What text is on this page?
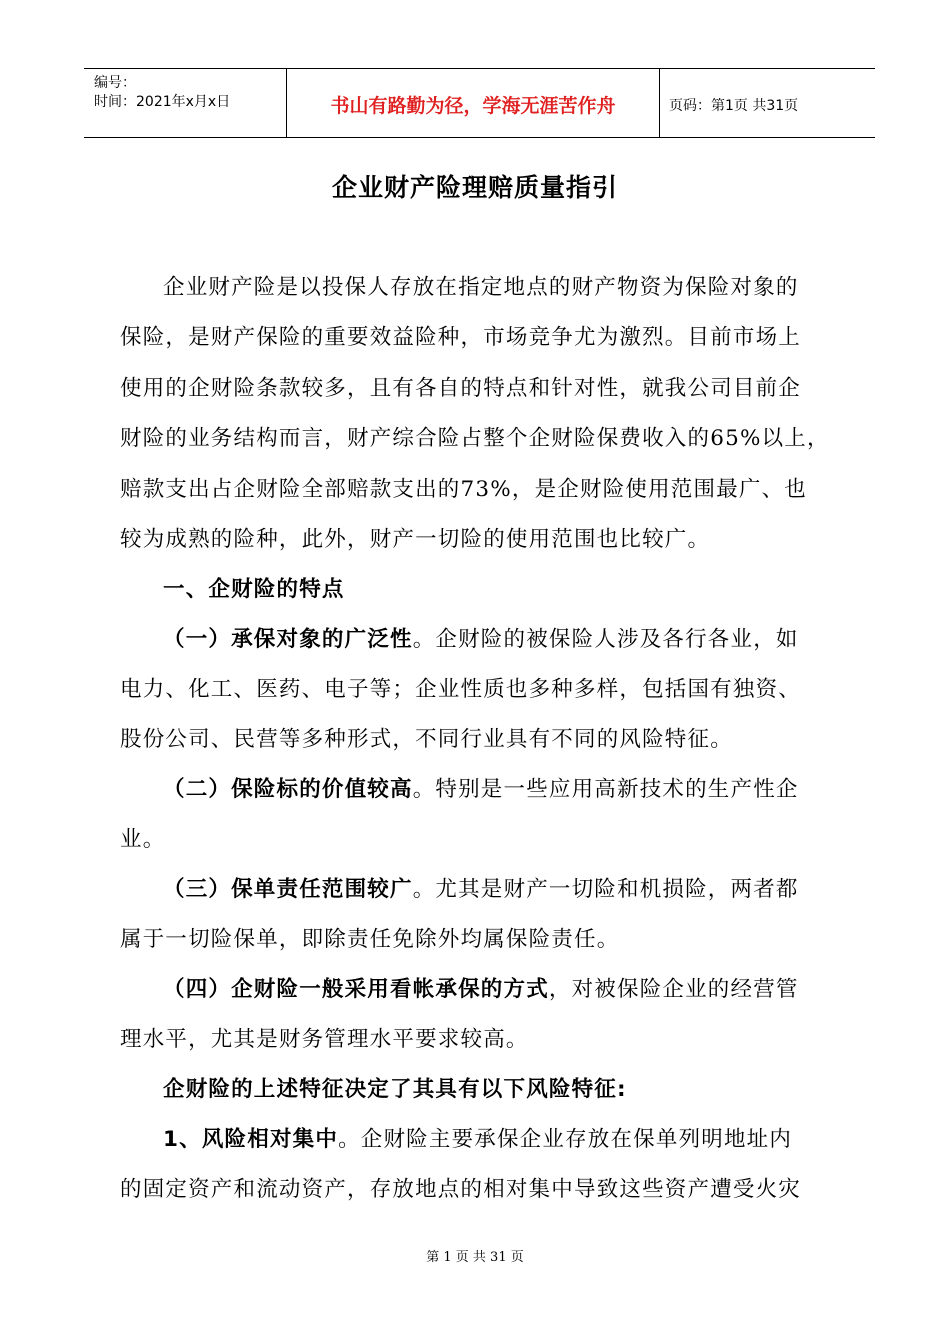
编号：
时间：2021年x月x日	书山有路勤为径，学海无涯苦作舟	页码：第1页 共31页
企业财产险理赔质量指引
企业财产险是以投保人存放在指定地点的财产物资为保险对象的
保险，是财产保险的重要效益险种，市场竞争尤为激烈。目前市场上
使用的企财险条款较多，且有各自的特点和针对性，就我公司目前企
财险的业务结构而言，财产综合险占整个企财险保费收入的65%以上，
赔款支出占企财险全部赔款支出的73%，是企财险使用范围最广、也
较为成熟的险种，此外，财产一切险的使用范围也比较广。
一、企财险的特点
（一）承保对象的广泛性。企财险的被保险人涉及各行各业，如
电力、化工、医药、电子等；企业性质也多种多样，包括国有独资、
股份公司、民营等多种形式，不同行业具有不同的风险特征。
（二）保险标的价值较高。特别是一些应用高新技术的生产性企
业。
（三）保单责任范围较广。尤其是财产一切险和机损险，两者都
属于一切险保单，即除责任免除外均属保险责任。
（四）企财险一般采用看帐承保的方式，对被保险企业的经营管
理水平，尤其是财务管理水平要求较高。
企财险的上述特征决定了其具有以下风险特征:
1、风险相对集中。企财险主要承保企业存放在保单列明地址内
的固定资产和流动资产，存放地点的相对集中导致这些资产遭受火灾
第 1 页 共 31 页
